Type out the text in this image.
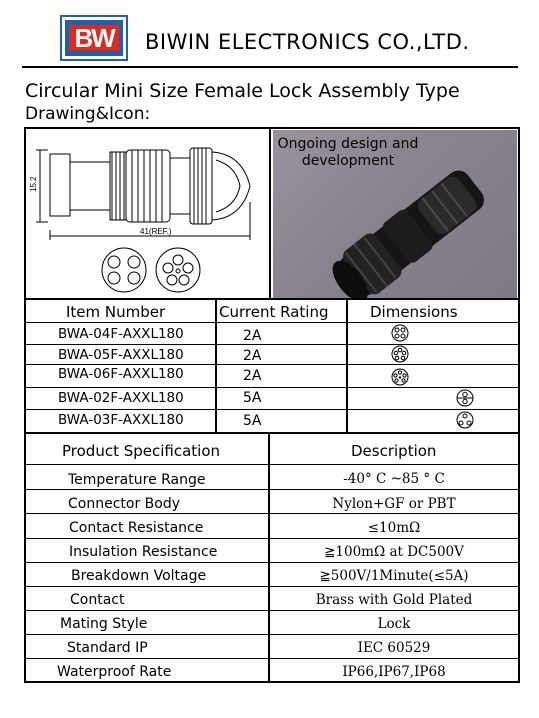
BW BIWIN ELECTRONICS CO.,LTD.
Circular Mini Size Female Lock Assembly Type
Drawing&Icon:
15.2
41(REF.)
Ongoing design and
development
Item Number	Current Rating	Dimensions
BWA-04F-AXXL180	2A
BWA-05F-AXXL180	2A
BWA-06F-AXXL180	2A
BWA-02F-AXXL180	5A
BWA-03F-AXXL180	5A
Product Specification	Description
Temperature Range	-40° C ~85 ° C
Connector Body	Nylon+GF or PBT
Contact Resistance	≤10mΩ
Insulation Resistance	≧100mΩ at DC500V
Breakdown Voltage	≧500V/1Minute(≤5A)
Contact	Brass with Gold Plated
Mating Style	Lock
Standard IP	IEC 60529
Waterproof Rate	IP66,IP67,IP68
